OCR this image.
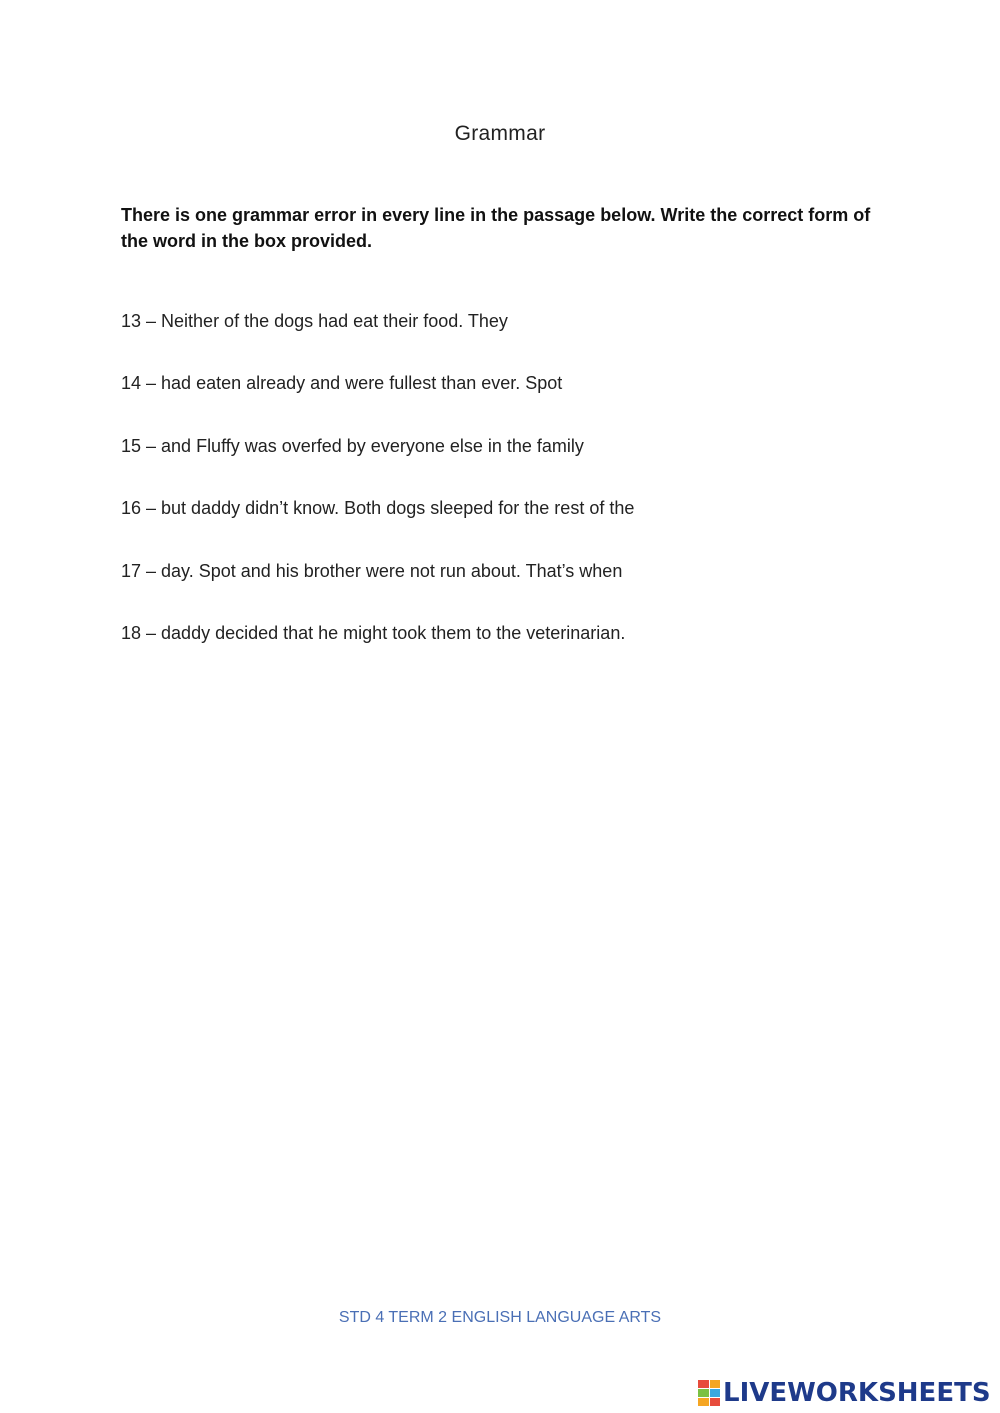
Grammar
There is one grammar error in every line in the passage below. Write the correct form of the word in the box provided.
13 – Neither of the dogs had eat their food. They
14 – had eaten already and were fullest than ever. Spot
15 – and Fluffy was overfed by everyone else in the family
16 – but daddy didn’t know. Both dogs sleeped for the rest of the
17 – day. Spot and his brother were not run about. That’s when
18 – daddy decided that he might took them to the veterinarian.
STD 4 TERM 2 ENGLISH LANGUAGE ARTS
LIVEWORKSHEETS
